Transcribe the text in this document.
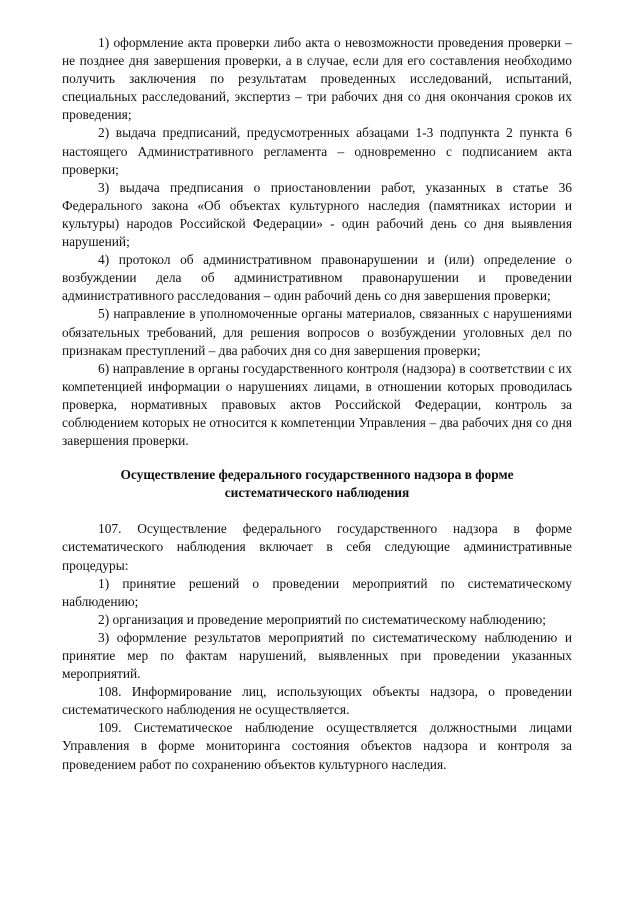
1) оформление акта проверки либо акта о невозможности проведения проверки – не позднее дня завершения проверки, а в случае, если для его составления необходимо получить заключения по результатам проведенных исследований, испытаний, специальных расследований, экспертиз – три рабочих дня со дня окончания сроков их проведения;

2) выдача предписаний, предусмотренных абзацами 1-3 подпункта 2 пункта 6 настоящего Административного регламента – одновременно с подписанием акта проверки;

3) выдача предписания о приостановлении работ, указанных в статье 36 Федерального закона «Об объектах культурного наследия (памятниках истории и культуры) народов Российской Федерации» - один рабочий день со дня выявления нарушений;

4) протокол об административном правонарушении и (или) определение о возбуждении дела об административном правонарушении и проведении административного расследования – один рабочий день со дня завершения проверки;

5) направление в уполномоченные органы материалов, связанных с нарушениями обязательных требований, для решения вопросов о возбуждении уголовных дел по признакам преступлений – два рабочих дня со дня завершения проверки;

6) направление в органы государственного контроля (надзора) в соответствии с их компетенцией информации о нарушениях лицами, в отношении которых проводилась проверка, нормативных правовых актов Российской Федерации, контроль за соблюдением которых не относится к компетенции Управления – два рабочих дня со дня завершения проверки.

Осуществление федерального государственного надзора в форме
систематического наблюдения

107. Осуществление федерального государственного надзора в форме систематического наблюдения включает в себя следующие административные процедуры:

1) принятие решений о проведении мероприятий по систематическому наблюдению;

2) организация и проведение мероприятий по систематическому наблюдению;

3) оформление результатов мероприятий по систематическому наблюдению и принятие мер по фактам нарушений, выявленных при проведении указанных мероприятий.

108. Информирование лиц, использующих объекты надзора, о проведении систематического наблюдения не осуществляется.

109. Систематическое наблюдение осуществляется должностными лицами Управления в форме мониторинга состояния объектов надзора и контроля за проведением работ по сохранению объектов культурного наследия.
